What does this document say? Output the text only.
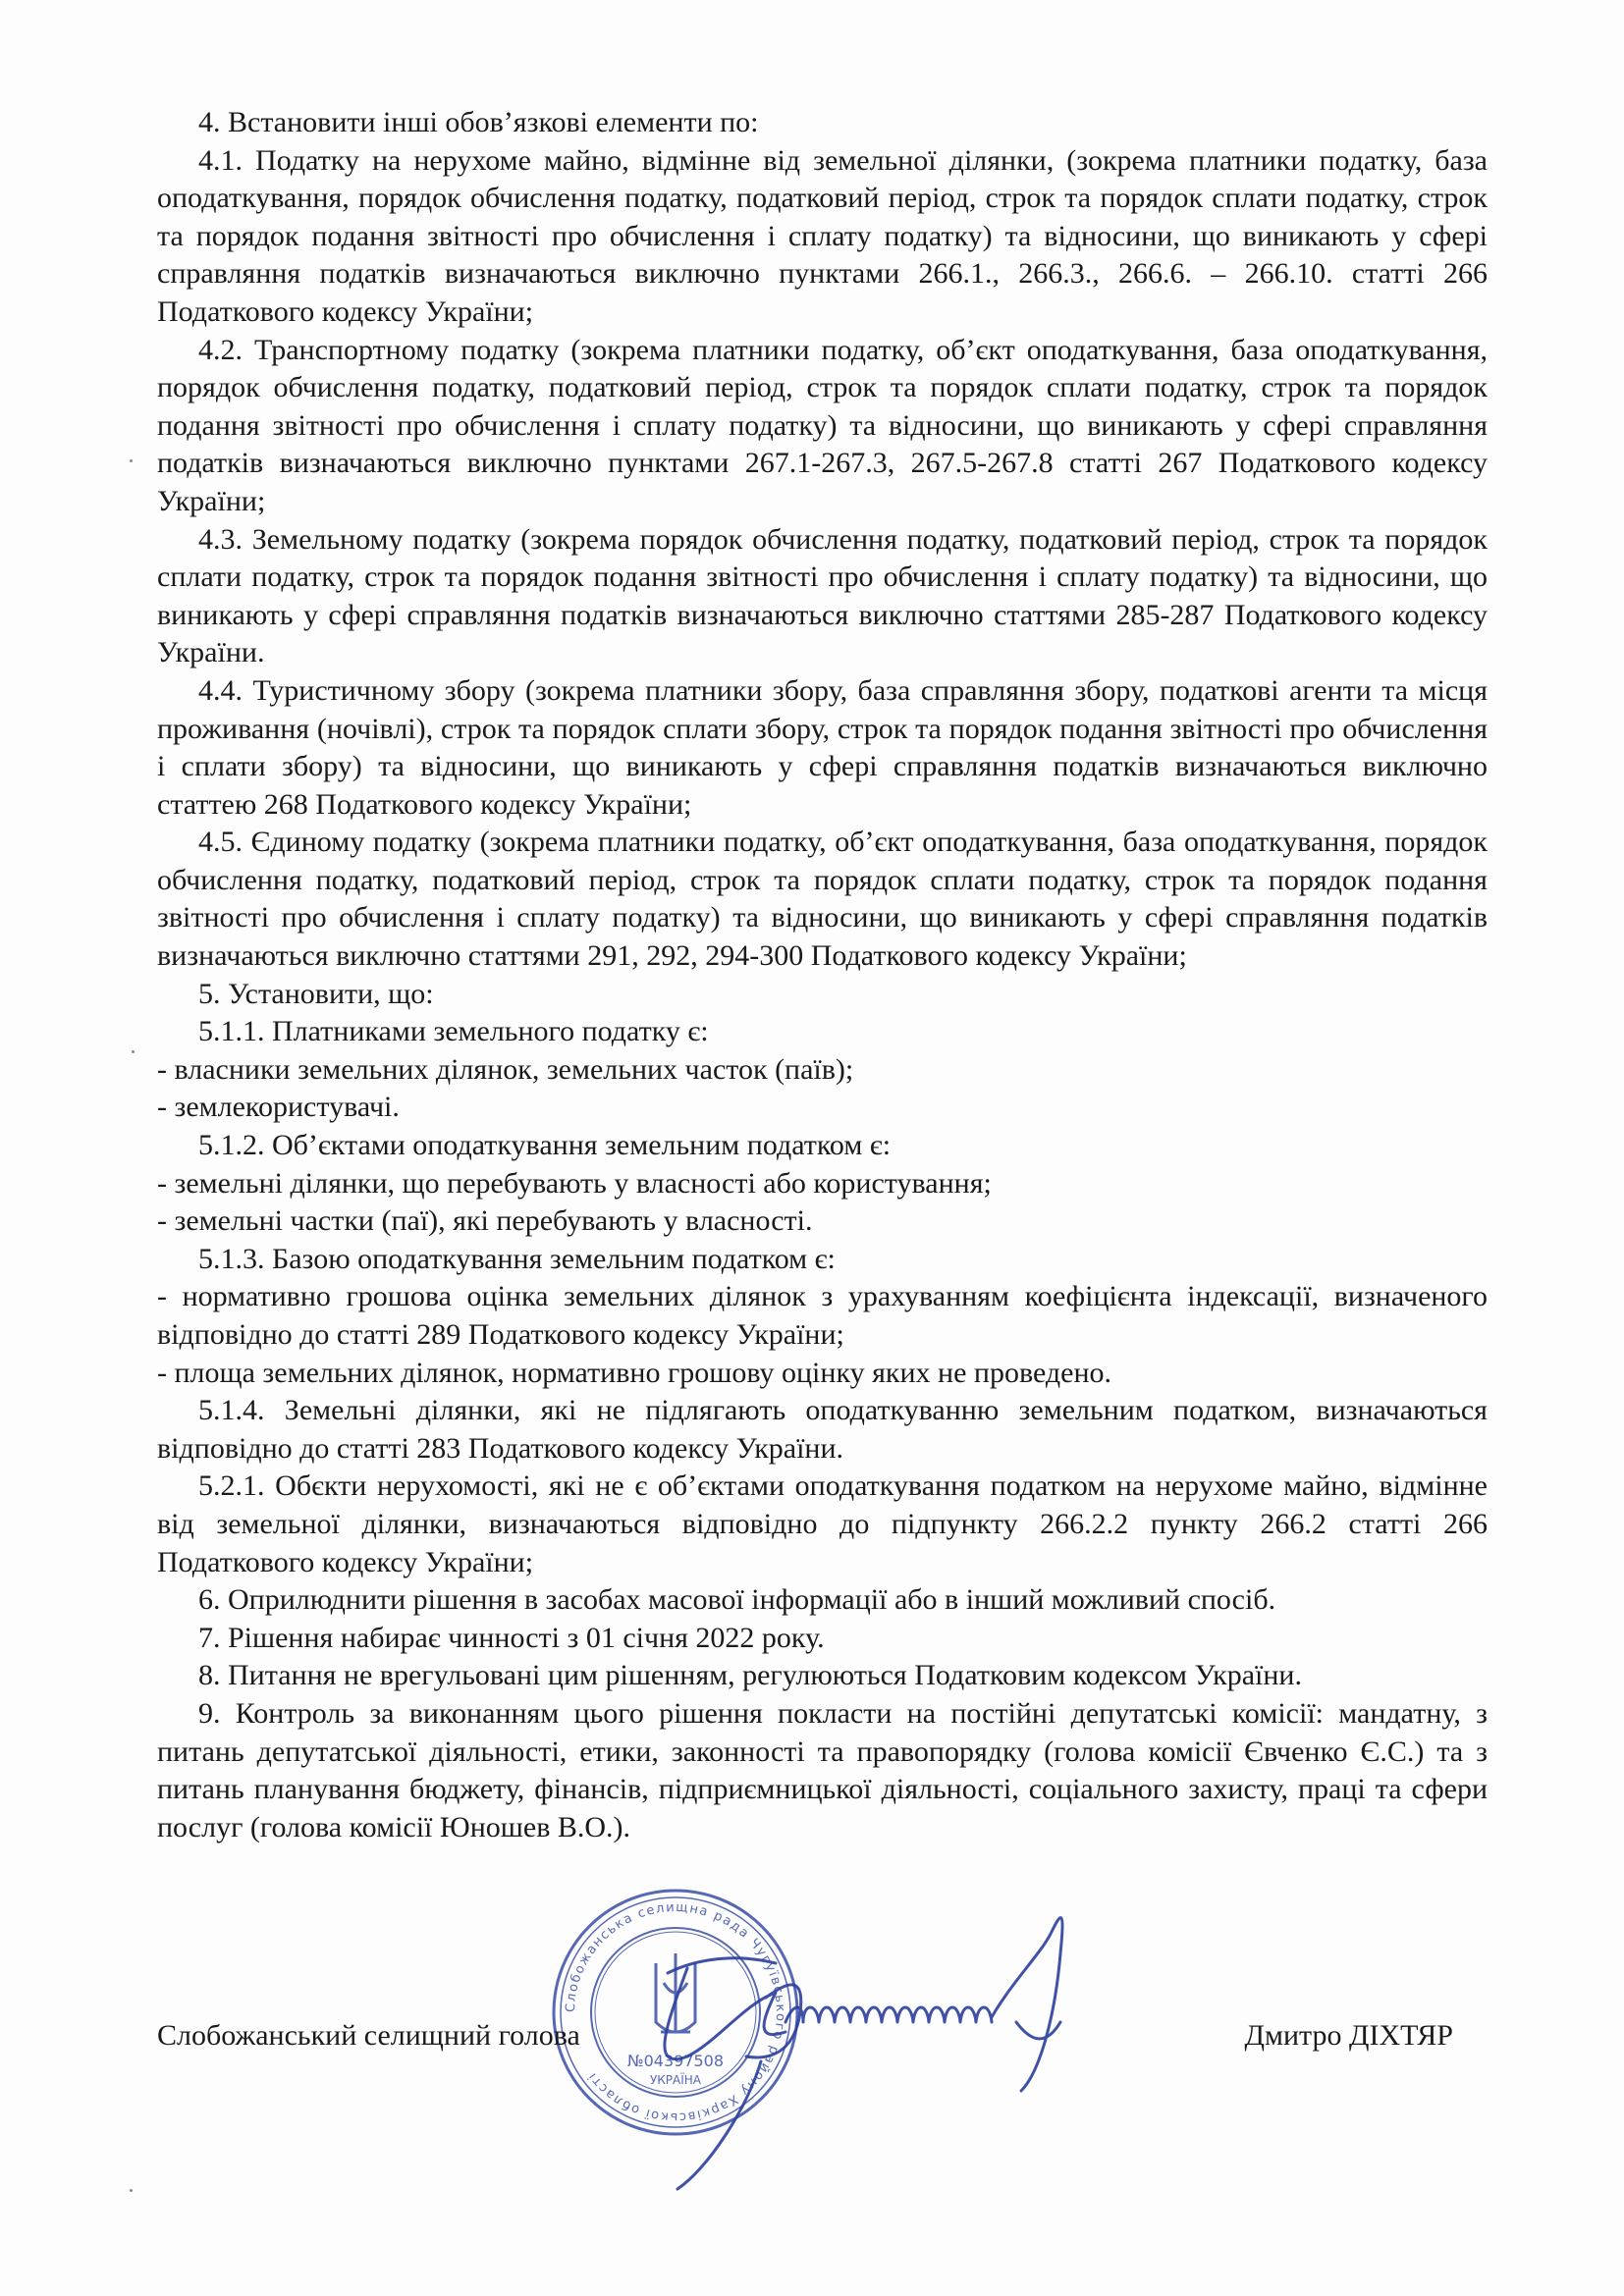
4. Встановити інші обов’язкові елементи по:

4.1. Податку на нерухоме майно, відмінне від земельної ділянки, (зокрема платники податку, база оподаткування, порядок обчислення податку, податковий період, строк та порядок сплати податку, строк та порядок подання звітності про обчислення і сплату податку) та відносини, що виникають у сфері справляння податків визначаються виключно пунктами 266.1., 266.3., 266.6. – 266.10. статті 266 Податкового кодексу України;

4.2. Транспортному податку (зокрема платники податку, об’єкт оподаткування, база оподаткування, порядок обчислення податку, податковий період, строк та порядок сплати податку, строк та порядок подання звітності про обчислення і сплату податку) та відносини, що виникають у сфері справляння податків визначаються виключно пунктами 267.1-267.3, 267.5-267.8 статті 267 Податкового кодексу України;

4.3. Земельному податку (зокрема порядок обчислення податку, податковий період, строк та порядок сплати податку, строк та порядок подання звітності про обчислення і сплату податку) та відносини, що виникають у сфері справляння податків визначаються виключно статтями 285-287 Податкового кодексу України.

4.4. Туристичному збору (зокрема платники збору, база справляння збору, податкові агенти та місця проживання (ночівлі), строк та порядок сплати збору, строк та порядок подання звітності про обчислення і сплати збору) та відносини, що виникають у сфері справляння податків визначаються виключно статтею 268 Податкового кодексу України;

4.5. Єдиному податку (зокрема платники податку, об’єкт оподаткування, база оподаткування, порядок обчислення податку, податковий період, строк та порядок сплати податку, строк та порядок подання звітності про обчислення і сплату податку) та відносини, що виникають у сфері справляння податків визначаються виключно статтями 291, 292, 294-300 Податкового кодексу України;

5. Установити, що:

5.1.1. Платниками земельного податку є:

- власники земельних ділянок, земельних часток (паїв);

- землекористувачі.

5.1.2. Об’єктами оподаткування земельним податком є:

- земельні ділянки, що перебувають у власності або користування;

- земельні частки (паї), які перебувають у власності.

5.1.3. Базою оподаткування земельним податком є:

- нормативно грошова оцінка земельних ділянок з урахуванням коефіцієнта індексації, визначеного відповідно до статті 289 Податкового кодексу України;

- площа земельних ділянок, нормативно грошову оцінку яких не проведено.

5.1.4. Земельні ділянки, які не підлягають оподаткуванню земельним податком, визначаються відповідно до статті 283 Податкового кодексу України.

5.2.1. Обєкти нерухомості, які не є об’єктами оподаткування податком на нерухоме майно, відмінне від земельної ділянки, визначаються відповідно до підпункту 266.2.2 пункту 266.2 статті 266 Податкового кодексу України;

6. Оприлюднити рішення в засобах масової інформації або в інший можливий спосіб.

7. Рішення набирає чинності з 01 січня 2022 року.

8. Питання не врегульовані цим рішенням, регулюються Податковим кодексом України.

9. Контроль за виконанням цього рішення покласти на постійні депутатські комісії: мандатну, з питань депутатської діяльності, етики, законності та правопорядку (голова комісії Євченко Є.С.) та з питань планування бюджету, фінансів, підприємницької діяльності, соціального захисту, праці та сфери послуг (голова комісії Юношев В.О.).

Слобожанська селищна рада Чугуївського району Харківської області
№04397508
УКРАЇНА
Слобожанський селищний голова	Дмитро ДІХТЯР
